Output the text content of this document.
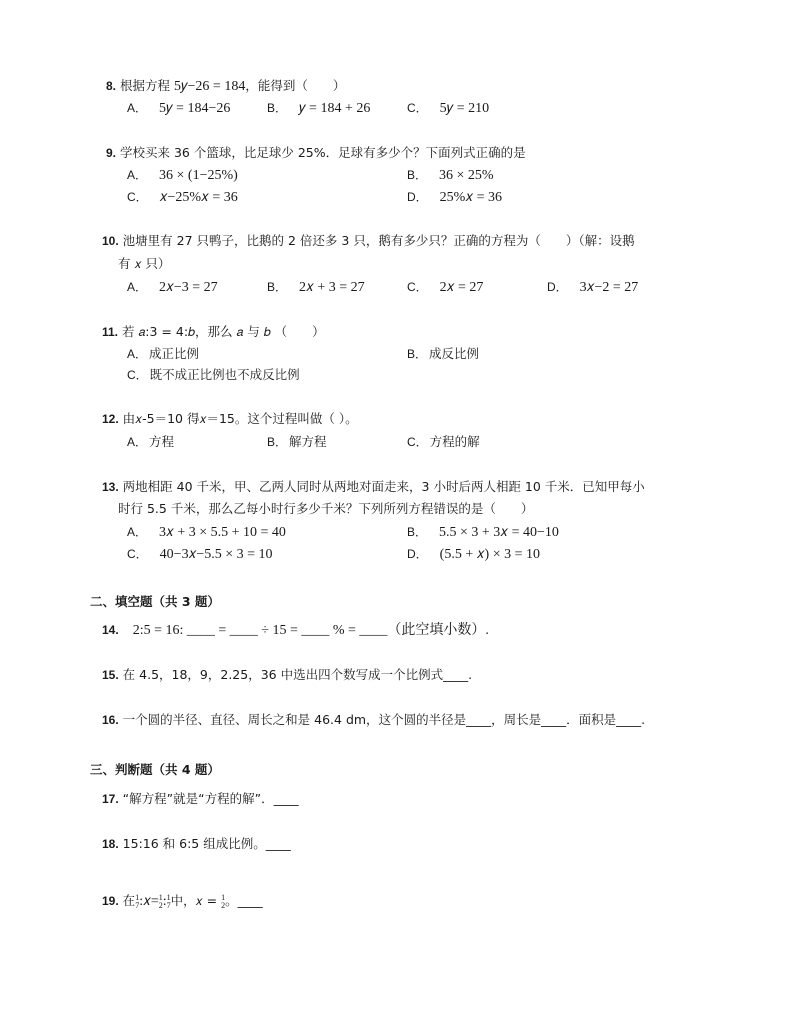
8. 根据方程 5𝑦−26 = 184，能得到（　　）
A． 5𝑦 = 184−26	B． 𝑦 = 184 + 26	C． 5𝑦 = 210
9. 学校买来 36 个篮球，比足球少 25%．足球有多少个？下面列式正确的是
A． 36 × (1−25%)	B． 36 × 25%
C． 𝑥−25%𝑥 = 36	D． 25%𝑥 = 36
10. 池塘里有 27 只鸭子，比鹅的 2 倍还多 3 只，鹅有多少只？正确的方程为（　　）（解：设鹅
有 𝑥 只）
A． 2𝑥−3 = 27	B． 2𝑥 + 3 = 27	C． 2𝑥 = 27	D． 3𝑥−2 = 27
11. 若 𝑎:3 = 4:𝑏，那么 𝑎 与 𝑏 （　　）
A． 成正比例	B． 成反比例
C． 既不成正比例也不成反比例
12. 由𝑥-5＝10 得𝑥＝15。这个过程叫做（ ）。
A． 方程	B． 解方程	C． 方程的解
13. 两地相距 40 千米，甲、乙两人同时从两地对面走来，3 小时后两人相距 10 千米．已知甲每小
时行 5.5 千米，那么乙每小时行多少千米？下列所列方程错误的是（　　）
A． 3𝑥 + 3 × 5.5 + 10 = 40	B． 5.5 × 3 + 3𝑥 = 40−10
C． 40−3𝑥−5.5 × 3 = 10	D． (5.5 + 𝑥) × 3 = 10
二、填空题（共 3 题）
14. 2:5 = 16: ____ = ____ ÷ 15 = ____ % = ____（此空填小数）.
15. 在 4.5，18，9，2.25，36 中选出四个数写成一个比例式____.
16. 一个圆的半径、直径、周长之和是 46.4 dm，这个圆的半径是____，周长是____．面积是____.
三、判断题（共 4 题）
17. “解方程”就是“方程的解”．____
18. 15:16 和 6:5 组成比例。____
19. 在 1
7 :𝑥= 1
2 : 1
7 中，𝑥 = 1
2 。____
